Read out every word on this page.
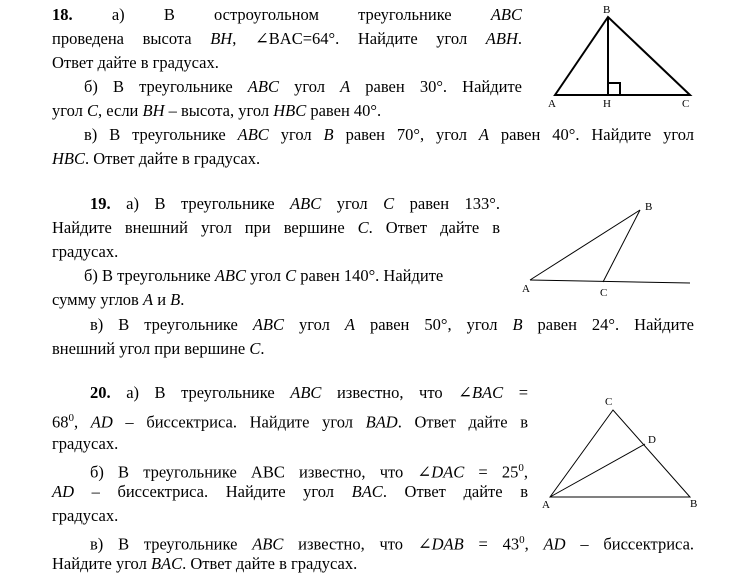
18. а) В остроугольном треугольнике ABC
проведена высота BH, ∠BAC=64°. Найдите угол ABH.
Ответ дайте в градусах.
б) В треугольнике ABC угол A равен 30°. Найдите
угол C, если BH – высота, угол HBC равен 40°.
в) В треугольнике ABC угол B равен 70°, угол A равен 40°. Найдите угол
HBC. Ответ дайте в градусах.
19. а) В треугольнике ABC угол C равен 133°.
Найдите внешний угол при вершине C. Ответ дайте в
градусах.
б) В треугольнике ABC угол C равен 140°. Найдите
сумму углов A и B.
в) В треугольнике ABC угол A равен 50°, угол B равен 24°. Найдите
внешний угол при вершине C.
20. а) В треугольнике ABC известно, что ∠BAC =
$68^0$, AD – биссектриса. Найдите угол BAD. Ответ дайте в
градусах.
б) В треугольнике ABC известно, что ∠DAC = $25^0$,
AD – биссектриса. Найдите угол BAC. Ответ дайте в
градусах.
в) В треугольнике ABC известно, что ∠DAB = $43^0$, AD – биссектриса.
Найдите угол BAC. Ответ дайте в градусах.
B
A	H	C
B
A	C
C
D
A	B
